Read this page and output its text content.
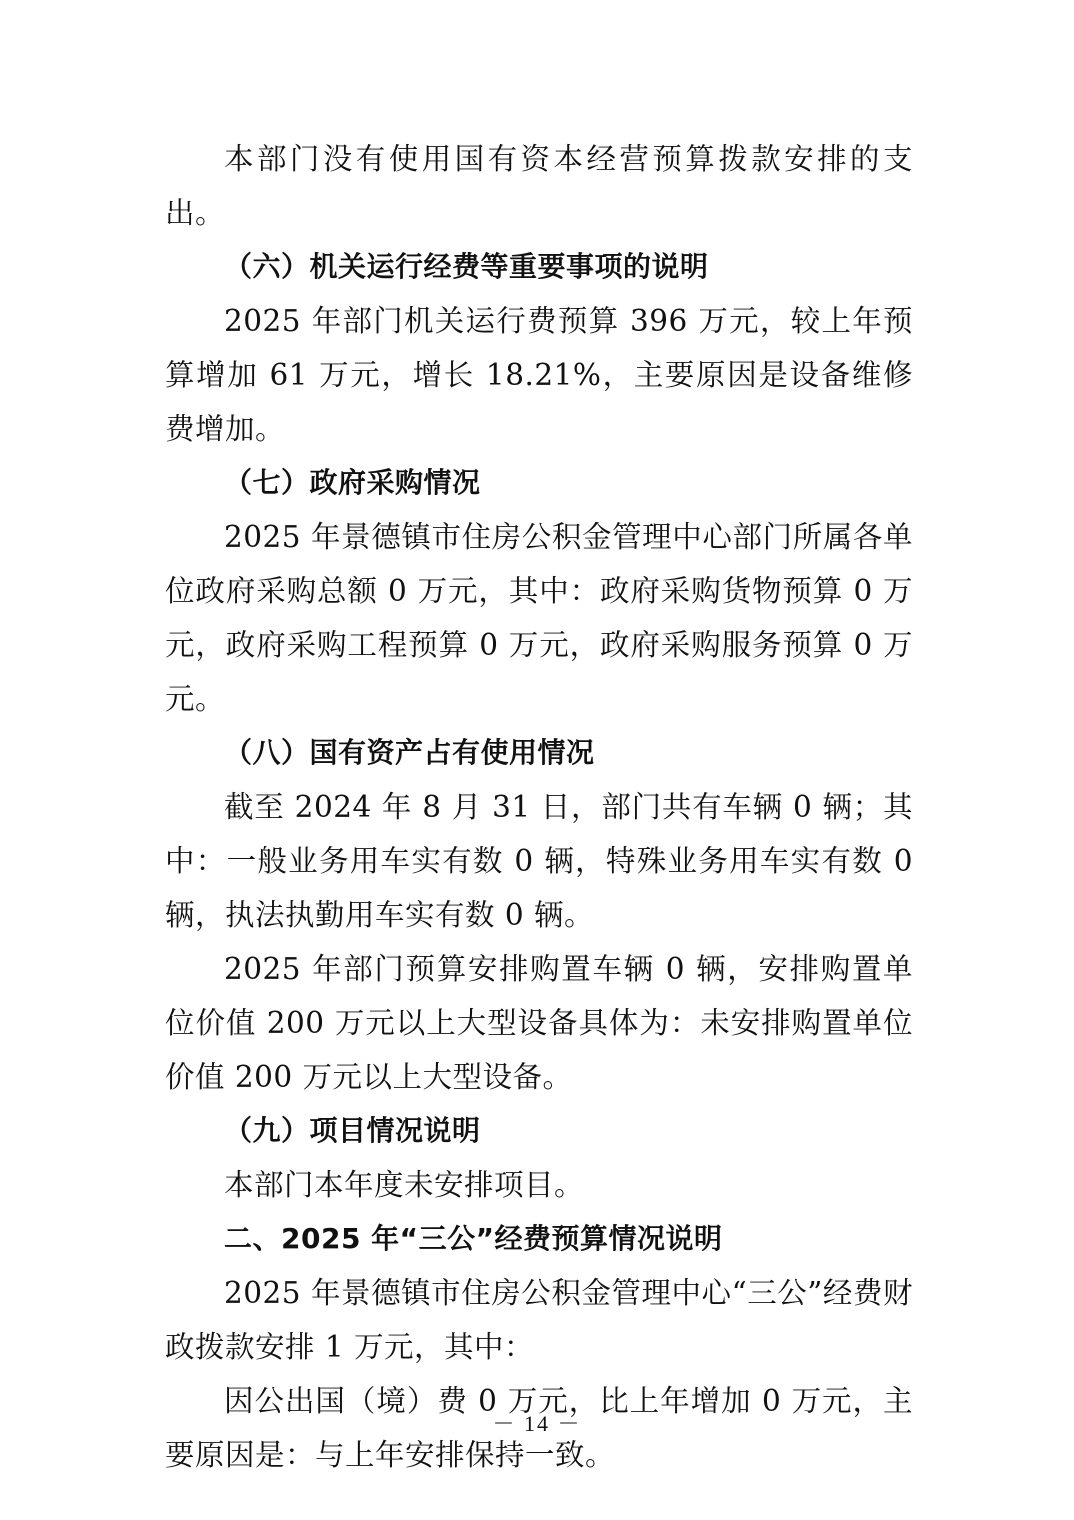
本部门没有使用国有资本经营预算拨款安排的支出。

（六）机关运行经费等重要事项的说明

2025 年部门机关运行费预算 396 万元，较上年预算增加 61 万元，增长 18.21%，主要原因是设备维修费增加。

（七）政府采购情况

2025 年景德镇市住房公积金管理中心部门所属各单位政府采购总额 0 万元，其中：政府采购货物预算 0 万元，政府采购工程预算 0 万元，政府采购服务预算 0 万元。

（八）国有资产占有使用情况

截至 2024 年 8 月 31 日，部门共有车辆 0 辆；其中：一般业务用车实有数 0 辆，特殊业务用车实有数 0 辆，执法执勤用车实有数 0 辆。

2025 年部门预算安排购置车辆 0 辆，安排购置单位价值 200 万元以上大型设备具体为：未安排购置单位价值 200 万元以上大型设备。

（九）项目情况说明

本部门本年度未安排项目。

二、2025 年“三公”经费预算情况说明

2025 年景德镇市住房公积金管理中心“三公”经费财政拨款安排 1 万元，其中：

因公出国（境）费 0 万元，比上年增加 0 万元，主要原因是：与上年安排保持一致。

－ 14 －
